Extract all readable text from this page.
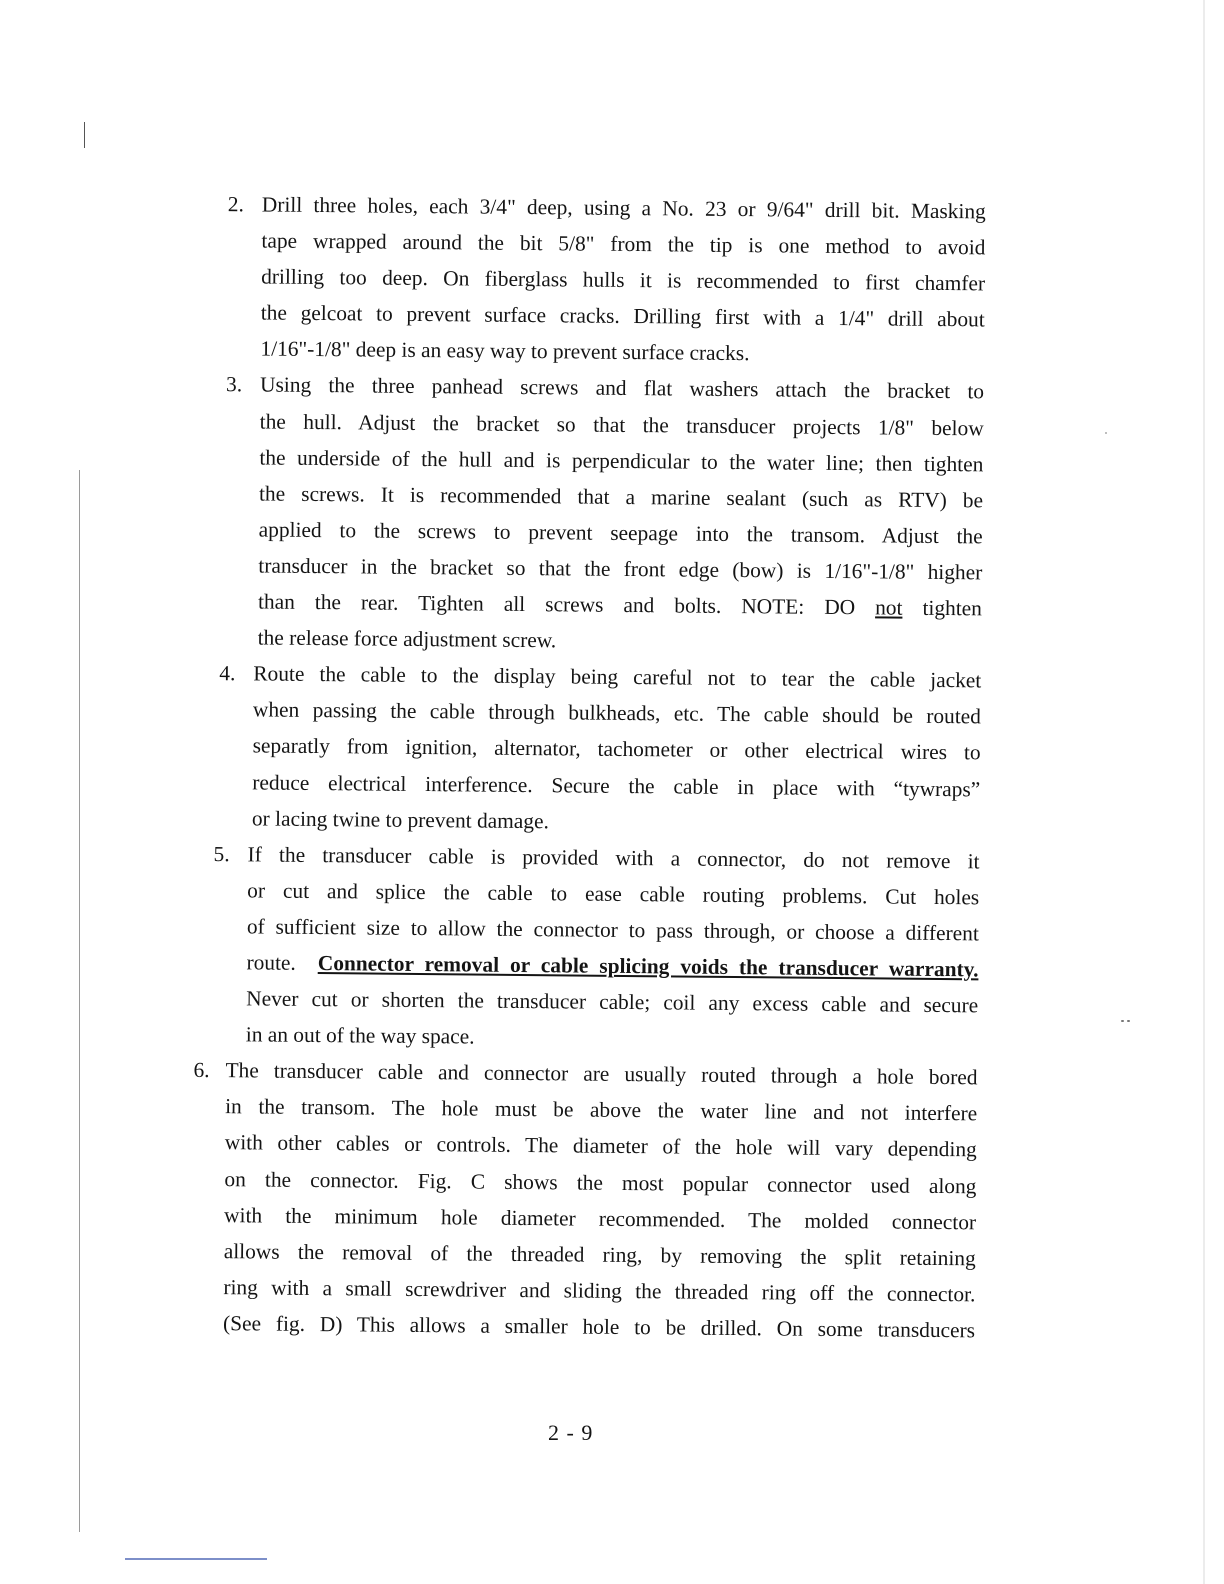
2. Drill three holes, each 3/4" deep, using a No. 23 or 9/64" drill bit. Masking
tape wrapped around the bit 5/8" from the tip is one method to avoid
drilling too deep. On fiberglass hulls it is recommended to first chamfer
the gelcoat to prevent surface cracks. Drilling first with a 1/4" drill about
1/16"-1/8" deep is an easy way to prevent surface cracks.
3. Using the three panhead screws and flat washers attach the bracket to
the hull. Adjust the bracket so that the transducer projects 1/8" below
the underside of the hull and is perpendicular to the water line; then tighten
the screws. It is recommended that a marine sealant (such as RTV) be
applied to the screws to prevent seepage into the transom. Adjust the
transducer in the bracket so that the front edge (bow) is 1/16"-1/8" higher
than the rear. Tighten all screws and bolts. NOTE: DO not tighten
the release force adjustment screw.
4. Route the cable to the display being careful not to tear the cable jacket
when passing the cable through bulkheads, etc. The cable should be routed
separatly from ignition, alternator, tachometer or other electrical wires to
reduce electrical interference. Secure the cable in place with “tywraps”
or lacing twine to prevent damage.
5. If the transducer cable is provided with a connector, do not remove it
or cut and splice the cable to ease cable routing problems. Cut holes
of sufficient size to allow the connector to pass through, or choose a different
route. Connector removal or cable splicing voids the transducer warranty.
Never cut or shorten the transducer cable; coil any excess cable and secure
in an out of the way space.
6. The transducer cable and connector are usually routed through a hole bored
in the transom. The hole must be above the water line and not interfere
with other cables or controls. The diameter of the hole will vary depending
on the connector. Fig. C shows the most popular connector used along
with the minimum hole diameter recommended. The molded connector
allows the removal of the threaded ring, by removing the split retaining
ring with a small screwdriver and sliding the threaded ring off the connector.
(See fig. D) This allows a smaller hole to be drilled. On some transducers
2 - 9
